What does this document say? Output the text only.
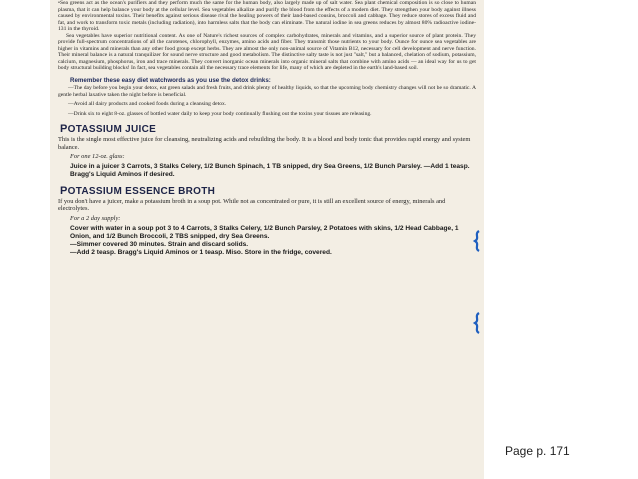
•Sea greens act as the ocean's purifiers and they perform much the same for the human body, also largely made up of salt water. Sea plant chemical composition is so close to human plasma, that it can help balance your body at the cellular level. Sea vegetables alkalize and purify the blood from the effects of a modern diet. They strengthen your body against illness caused by environmental toxins. Their benefits against serious disease rival the healing powers of their land-based cousins, broccoli and cabbage. They reduce stores of excess fluid and fat, and work to transform toxic metals (including radiation), into harmless salts that the body can eliminate. The natural iodine in sea greens reduces by almost 80% radioactive iodine-131 in the thyroid.

Sea vegetables have superior nutritional content. As one of Nature's richest sources of complex carbohydrates, minerals and vitamins, and a superior source of plant protein. They provide full-spectrum concentrations of all the carotenes, chlorophyll, enzymes, amino acids and fiber. They transmit those nutrients to your body. Ounce for ounce sea vegetables are higher in vitamins and minerals than any other food group except herbs. They are almost the only non-animal source of Vitamin B12, necessary for cell development and nerve function. Their mineral balance is a natural tranquilizer for sound nerve structure and good metabolism. The distinctive salty taste is not just "salt," but a balanced, chelation of sodium, potassium, calcium, magnesium, phosphorus, iron and trace minerals. They convert inorganic ocean minerals into organic mineral salts that combine with amino acids — an ideal way for us to get body structural building blocks! In fact, sea vegetables contain all the necessary trace elements for life, many of which are depleted in the earth's land-based soil.

Remember these easy diet watchwords as you use the detox drinks:

—The day before you begin your detox, eat green salads and fresh fruits, and drink plenty of healthy liquids, so that the upcoming body chemistry changes will not be so dramatic. A gentle herbal laxative taken the night before is beneficial.

—Avoid all dairy products and cooked foods during a cleansing detox.

—Drink six to eight 8-oz. glasses of bottled water daily to keep your body continually flushing out the toxins your tissues are releasing.

POTASSIUM JUICE

This is the single most effective juice for cleansing, neutralizing acids and rebuilding the body. It is a blood and body tonic that provides rapid energy and system balance.

For one 12-oz. glass:

Juice in a juicer 3 Carrots, 3 Stalks Celery, 1/2 Bunch Spinach, 1 TB snipped, dry Sea Greens, 1/2 Bunch Parsley. —Add 1 teasp. Bragg's Liquid Aminos if desired.

POTASSIUM ESSENCE BROTH

If you don't have a juicer, make a potassium broth in a soup pot. While not as concentrated or pure, it is still an excellent source of energy, minerals and electrolytes.

For a 2 day supply:

Cover with water in a soup pot 3 to 4 Carrots, 3 Stalks Celery, 1/2 Bunch Parsley, 2 Potatoes with skins, 1/2 Head Cabbage, 1 Onion, and 1/2 Bunch Broccoli, 2 TBS snipped, dry Sea Greens.

—Simmer covered 30 minutes. Strain and discard solids.

—Add 2 teasp. Bragg's Liquid Aminos or 1 teasp. Miso. Store in the fridge, covered.

Page p. 171
